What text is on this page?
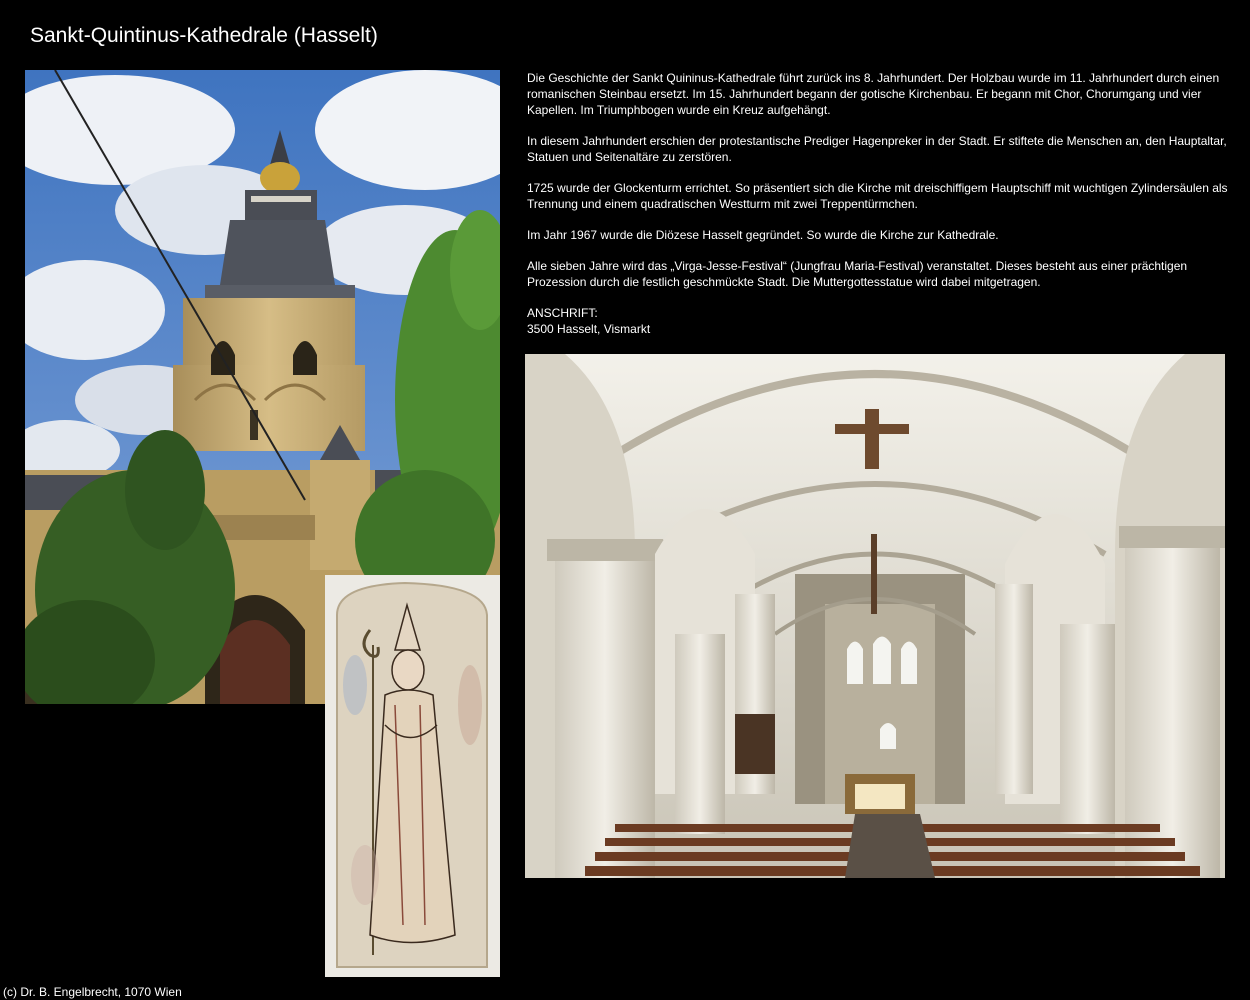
Sankt-Quintinus-Kathedrale (Hasselt)

Die Geschichte der Sankt Quininus-Kathedrale führt zurück ins 8. Jahrhundert. Der Holzbau wurde im 11. Jahrhundert durch einen romanischen Steinbau ersetzt. Im 15. Jahrhundert begann der gotische Kirchenbau. Er begann mit Chor, Chorumgang und vier Kapellen. Im Triumphbogen wurde ein Kreuz aufgehängt.

In diesem Jahrhundert erschien der protestantische Prediger Hagenpreker in der Stadt. Er stiftete die Menschen an, den Hauptaltar, Statuen und Seitenaltäre zu zerstören.

1725 wurde der Glockenturm errichtet. So präsentiert sich die Kirche mit dreischiffigem Hauptschiff mit wuchtigen Zylindersäulen als Trennung und einem quadratischen Westturm mit zwei Treppentürmchen.

Im Jahr 1967 wurde die Diözese Hasselt gegründet. So wurde die Kirche zur Kathedrale.

Alle sieben Jahre wird das „Virga-Jesse-Festival“ (Jungfrau Maria-Festival) veranstaltet. Dieses besteht aus einer prächtigen Prozession durch die festlich geschmückte Stadt. Die Muttergottesstatue wird dabei mitgetragen.

ANSCHRIFT:
3500 Hasselt, Vismarkt
(c) Dr. B. Engelbrecht, 1070 Wien
